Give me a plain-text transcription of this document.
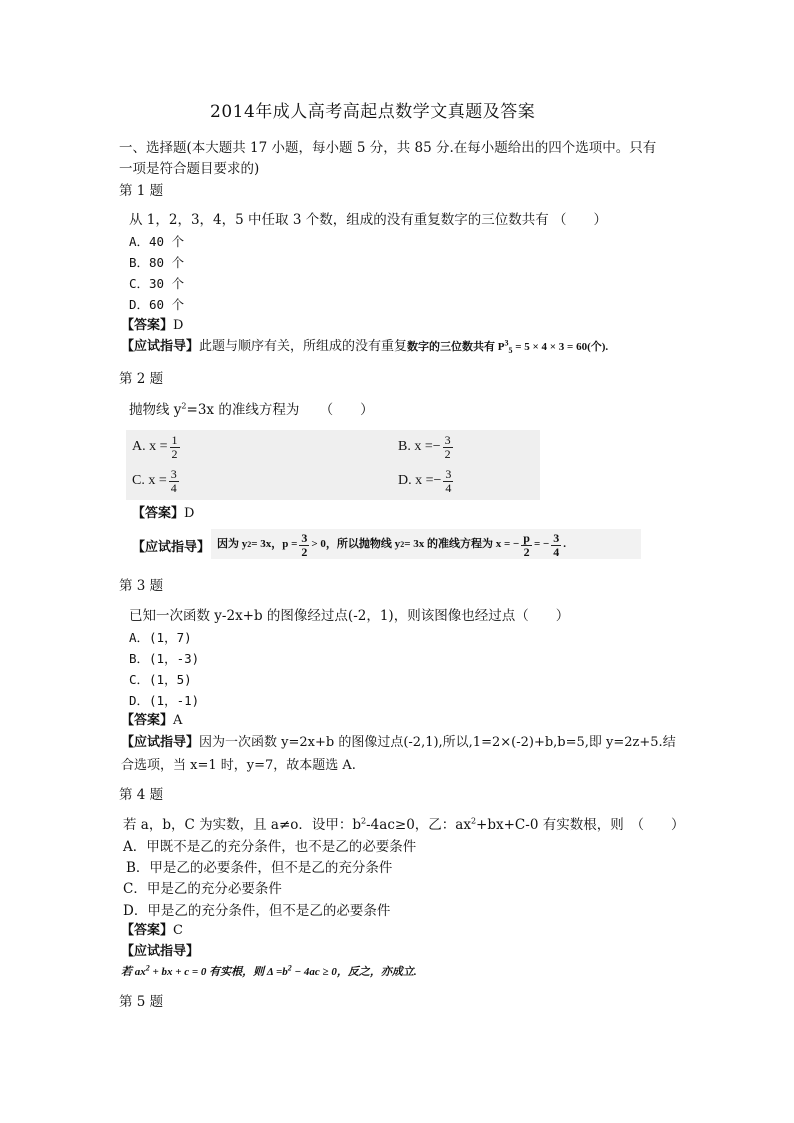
2014年成人高考高起点数学文真题及答案
一、选择题(本大题共 17 小题，每小题 5 分，共 85 分.在每小题给出的四个选项中。只有
一项是符合题目要求的)
第 1 题
从 1，2，3，4，5 中任取 3 个数，组成的没有重复数字的三位数共有 （　　）
A．40 个
B．80 个
C．30 个
D．60 个
【答案】D
【应试指导】此题与顺序有关，所组成的没有重复数字的三位数共有 $P^3_5 = 5 \times 4 \times 3 = 60$(个).
第 2 题
抛物线 $y^2=3x$ 的准线方程为　　（　　）
A. $x = \frac{1}{2}$	B. x = − $\frac{3}{2}$
C. $x = \frac{3}{4}$	D. x = − $\frac{3}{4}$
【答案】D
【应试指导】 因为 y 2 = 3x，$p = \frac{3}{2} > 0$，所以抛物线 y 2 = 3x 的准线方程为 x = − $\frac{p}{2}$ = − $\frac{3}{4}$ .
第 3 题
已知一次函数 y-2x+b 的图像经过点(-2，1)，则该图像也经过点（　　）
A．(1，7)
B．(1，-3)
C．(1，5)
D．(1，-1)
【答案】A
【应试指导】因为一次函数 y=2x+b 的图像过点(-2,1),所以,1=2×(-2)+b,b=5,即 y=2z+5.结
合选项，当 x=1 时，y=7，故本题选 A.
第 4 题
若 a，b，C 为实数，且 a≠o．设甲：$b^2-4ac\ge 0$，乙：$ax^2+bx+C-0$ 有实数根，则　（　　）
A．甲既不是乙的充分条件，也不是乙的必要条件
B．甲是乙的必要条件，但不是乙的充分条件
C．甲是乙的充分必要条件
D．甲是乙的充分条件，但不是乙的必要条件
【答案】C
【应试指导】
若 $ax^2$ + bx + c = 0 有实根，则 $\Delta =b^2 - 4ac \ge 0$，反之，亦成立.
第 5 题
